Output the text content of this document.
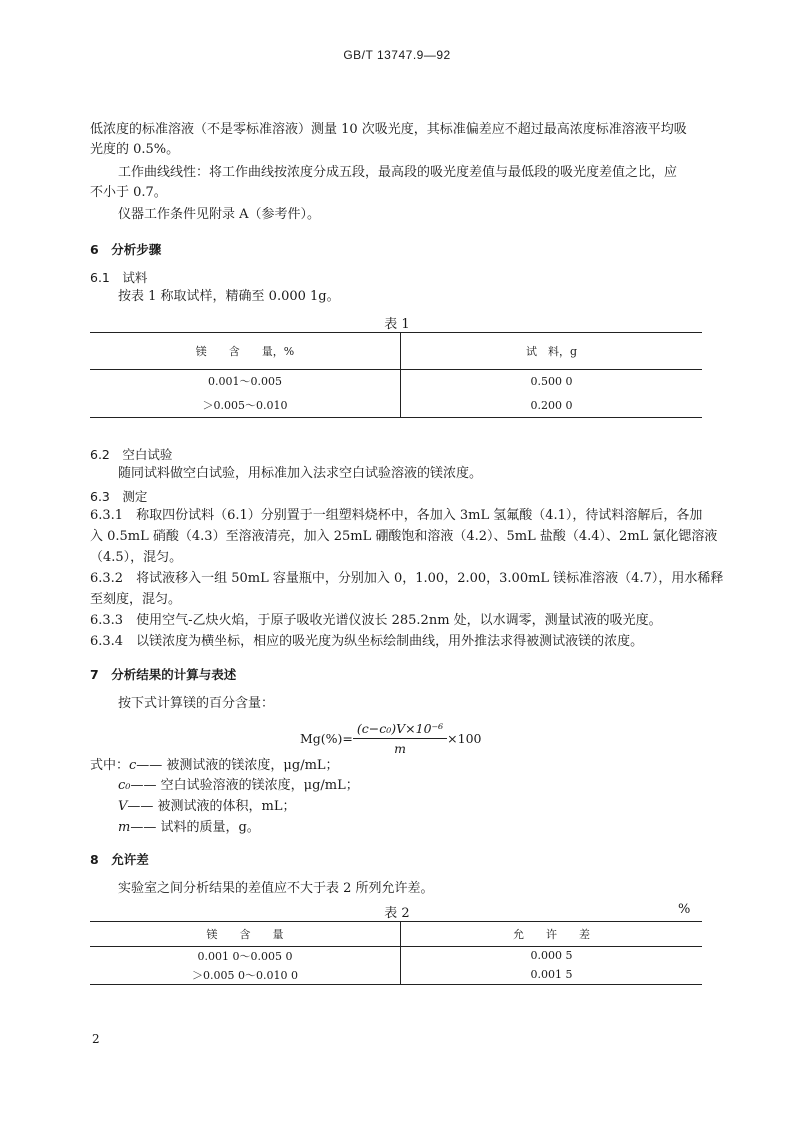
GB/T 13747.9—92
低浓度的标准溶液（不是零标准溶液）测量 10 次吸光度，其标准偏差应不超过最高浓度标准溶液平均吸
光度的 0.5%。
工作曲线线性：将工作曲线按浓度分成五段，最高段的吸光度差值与最低段的吸光度差值之比，应
不小于 0.7。
仪器工作条件见附录 A（参考件）。
6　分析步骤
6.1　试料
按表 1 称取试样，精确至 0.000 1g。
表 1
镁　　含　　量，%	试　料，g
0.001～0.005	0.500 0
＞0.005～0.010	0.200 0
6.2　空白试验
随同试料做空白试验，用标准加入法求空白试验溶液的镁浓度。
6.3　测定
6.3.1　称取四份试料（6.1）分别置于一组塑料烧杯中，各加入 3mL 氢氟酸（4.1），待试料溶解后，各加
入 0.5mL 硝酸（4.3）至溶液清亮，加入 25mL 硼酸饱和溶液（4.2）、5mL 盐酸（4.4）、2mL 氯化锶溶液
（4.5），混匀。
6.3.2　将试液移入一组 50mL 容量瓶中，分别加入 0，1.00，2.00，3.00mL 镁标准溶液（4.7），用水稀释
至刻度，混匀。
6.3.3　使用空气-乙炔火焰，于原子吸收光谱仪波长 285.2nm 处，以水调零，测量试液的吸光度。
6.3.4　以镁浓度为横坐标，相应的吸光度为纵坐标绘制曲线，用外推法求得被测试液镁的浓度。
7　分析结果的计算与表述
按下式计算镁的百分含量：
$Mg(\%)= \frac{\text{(c−c₀)V×10⁻⁶}}{m} \times 100$
式中：c—— 被测试液的镁浓度，μg/mL；
c₀—— 空白试验溶液的镁浓度，μg/mL；
V—— 被测试液的体积，mL；
m—— 试料的质量，g。
8　允许差
实验室之间分析结果的差值应不大于表 2 所列允许差。
表 2	%
镁　　含　　量	允　　许　　差
0.001 0～0.005 0	0.000 5
＞0.005 0～0.010 0	0.001 5
2
